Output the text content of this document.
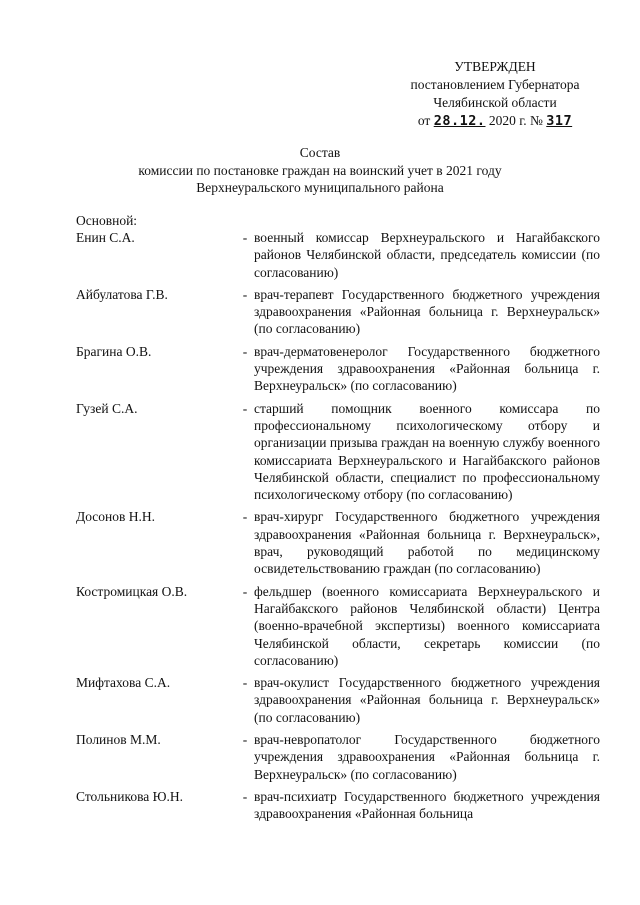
УТВЕРЖДЕН
постановлением Губернатора
Челябинской области
от 28.12. 2020 г. № 317
Состав
комиссии по постановке граждан на воинский учет в 2021 году
Верхнеуральского муниципального района
Основной:
Енин С.А.	- военный комиссар Верхнеуральского и Нагайбакского районов Челябинской области, председатель комиссии (по согласованию)
Айбулатова Г.В.	- врач-терапевт Государственного бюджетного учреждения здравоохранения «Районная больница г. Верхнеуральск» (по согласованию)
Брагина О.В.	- врач-дерматовенеролог Государственного бюджетного учреждения здравоохранения «Районная больница г. Верхнеуральск» (по согласованию)
Гузей С.А.	- старший помощник военного комиссара по профессиональному психологическому отбору и организации призыва граждан на военную службу военного комиссариата Верхнеуральского и Нагайбакского районов Челябинской области, специалист по профессиональному психологическому отбору (по согласованию)
Досонов Н.Н.	- врач-хирург Государственного бюджетного учреждения здравоохранения «Районная больница г. Верхнеуральск», врач, руководящий работой по медицинскому освидетельствованию граждан (по согласованию)
Костромицкая О.В.	- фельдшер (военного комиссариата Верхнеуральского и Нагайбакского районов Челябинской области) Центра (военно-врачебной экспертизы) военного комиссариата Челябинской области, секретарь комиссии (по согласованию)
Мифтахова С.А.	- врач-окулист Государственного бюджетного учреждения здравоохранения «Районная больница г. Верхнеуральск» (по согласованию)
Полинов М.М.	- врач-невропатолог Государственного бюджетного учреждения здравоохранения «Районная больница г. Верхнеуральск» (по согласованию)
Стольникова Ю.Н.	- врач-психиатр Государственного бюджетного учреждения здравоохранения «Районная больница
